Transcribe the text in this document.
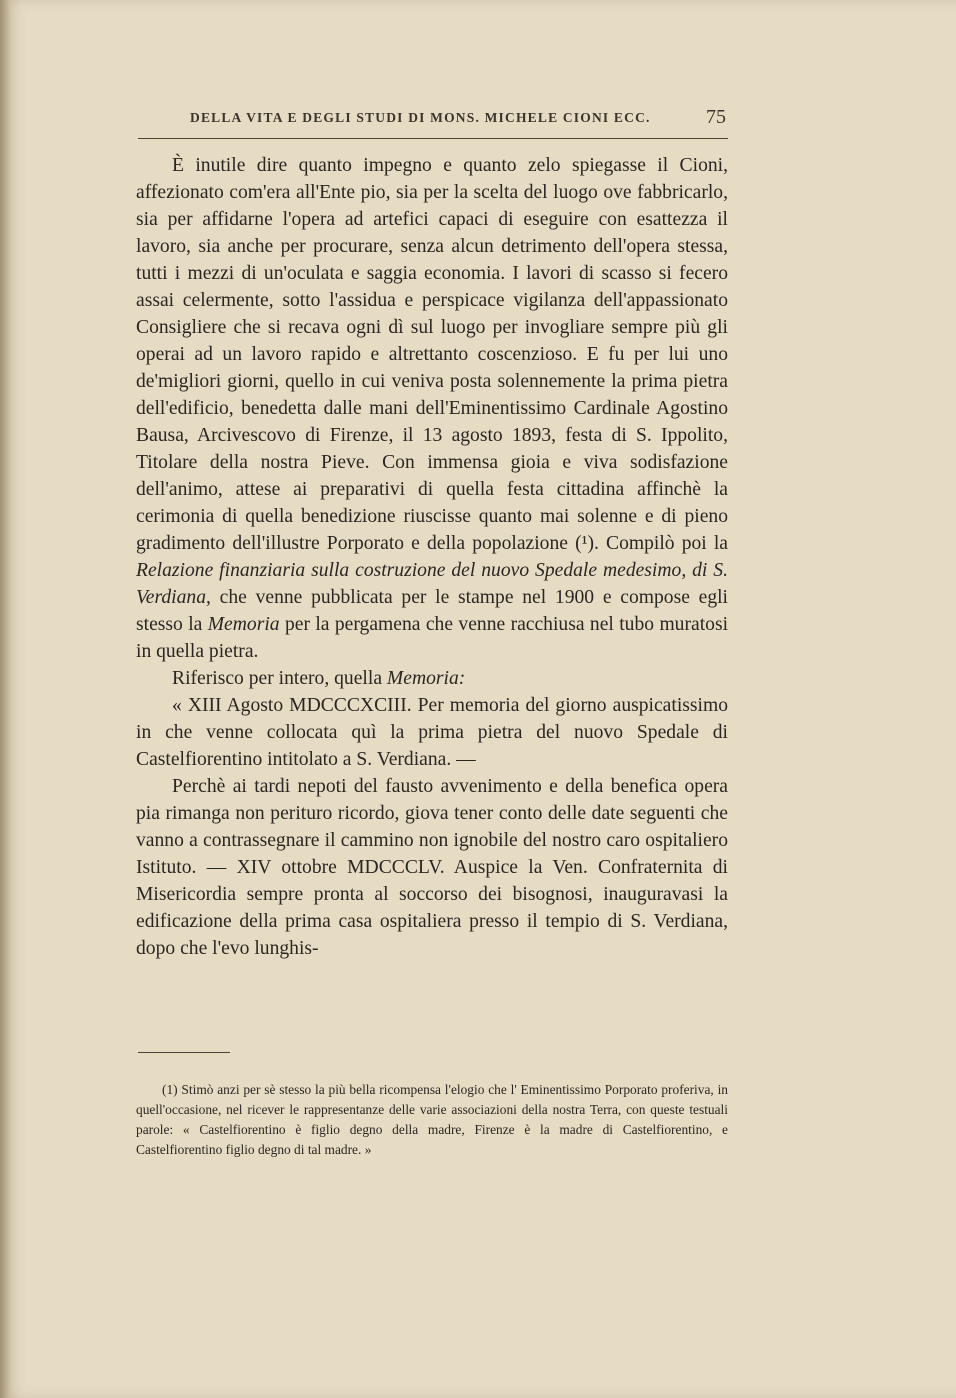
DELLA VITA E DEGLI STUDI DI MONS. MICHELE CIONI ECC.	75

È inutile dire quanto impegno e quanto zelo spiegasse il Cioni, affezionato com'era all'Ente pio, sia per la scelta del luogo ove fabbricarlo, sia per affidarne l'opera ad artefici capaci di eseguire con esattezza il lavoro, sia anche per procurare, senza alcun detrimento dell'opera stessa, tutti i mezzi di un'oculata e saggia economia. I lavori di scasso si fecero assai celermente, sotto l'assidua e perspicace vigilanza dell'appassionato Consigliere che si recava ogni dì sul luogo per invogliare sempre più gli operai ad un lavoro rapido e altrettanto coscenzioso. E fu per lui uno de'migliori giorni, quello in cui veniva posta solennemente la prima pietra dell'edificio, benedetta dalle mani dell'Eminentissimo Cardinale Agostino Bausa, Arcivescovo di Firenze, il 13 agosto 1893, festa di S. Ippolito, Titolare della nostra Pieve. Con immensa gioia e viva sodisfazione dell'animo, attese ai preparativi di quella festa cittadina affinchè la cerimonia di quella benedizione riuscisse quanto mai solenne e di pieno gradimento dell'illustre Porporato e della popolazione (¹). Compilò poi la Relazione finanziaria sulla costruzione del nuovo Spedale medesimo, di S. Verdiana, che venne pubblicata per le stampe nel 1900 e compose egli stesso la Memoria per la pergamena che venne racchiusa nel tubo muratosi in quella pietra.

Riferisco per intero, quella Memoria:

« XIII Agosto MDCCCXCIII. Per memoria del giorno auspicatissimo in che venne collocata quì la prima pietra del nuovo Spedale di Castelfiorentino intitolato a S. Verdiana. —

Perchè ai tardi nepoti del fausto avvenimento e della benefica opera pia rimanga non perituro ricordo, giova tener conto delle date seguenti che vanno a contrassegnare il cammino non ignobile del nostro caro ospitaliero Istituto. — XIV ottobre MDCCCLV. Auspice la Ven. Confraternita di Misericordia sempre pronta al soccorso dei bisognosi, inauguravasi la edificazione della prima casa ospitaliera presso il tempio di S. Verdiana, dopo che l'evo lunghis-

(1) Stimò anzi per sè stesso la più bella ricompensa l'elogio che l' Eminentissimo Porporato proferiva, in quell'occasione, nel ricever le rappresentanze delle varie associazioni della nostra Terra, con queste testuali parole: « Castelfiorentino è figlio degno della madre, Firenze è la madre di Castelfiorentino, e Castelfiorentino figlio degno di tal madre. »
